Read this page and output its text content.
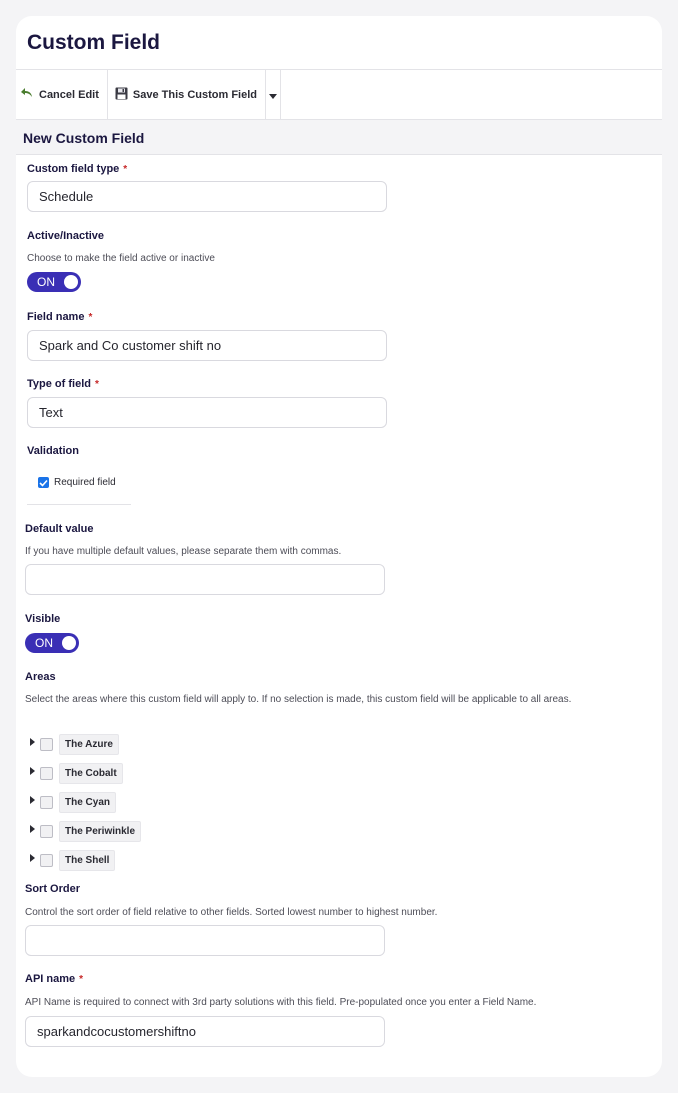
Custom Field
Cancel Edit	Save This Custom Field
New Custom Field
Custom field type *
Schedule
Active/Inactive
Choose to make the field active or inactive
ON
Field name *
Spark and Co customer shift no
Type of field *
Text
Validation
Required field
Default value
If you have multiple default values, please separate them with commas.
Visible
ON
Areas
Select the areas where this custom field will apply to. If no selection is made, this custom field will be applicable to all areas.
The Azure
The Cobalt
The Cyan
The Periwinkle
The Shell
Sort Order
Control the sort order of field relative to other fields. Sorted lowest number to highest number.
API name *
API Name is required to connect with 3rd party solutions with this field. Pre-populated once you enter a Field Name.
sparkandcocustomershiftno
